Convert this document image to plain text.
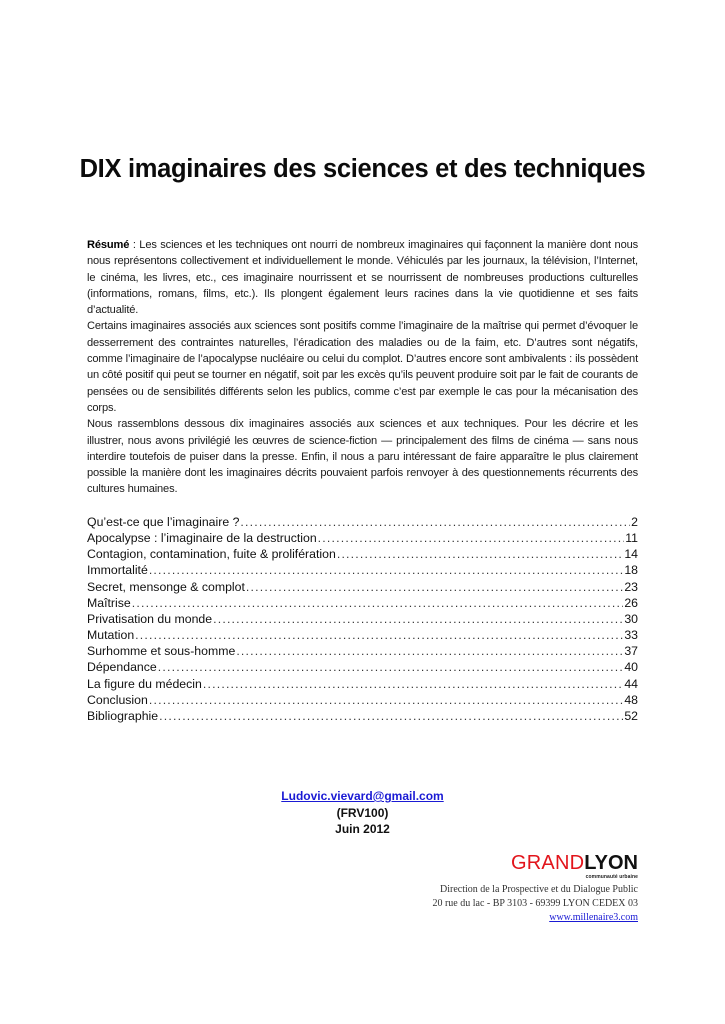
DIX imaginaires des sciences et des techniques

Résumé : Les sciences et les techniques ont nourri de nombreux imaginaires qui façonnent la manière dont nous nous représentons collectivement et individuellement le monde. Véhiculés par les journaux, la télévision, l’Internet, le cinéma, les livres, etc., ces imaginaire nourrissent et se nourrissent de nombreuses productions culturelles (informations, romans, films, etc.). Ils plongent également leurs racines dans la vie quotidienne et ses faits d’actualité.

Certains imaginaires associés aux sciences sont positifs comme l’imaginaire de la maîtrise qui permet d’évoquer le desserrement des contraintes naturelles, l’éradication des maladies ou de la faim, etc. D’autres sont négatifs, comme l’imaginaire de l’apocalypse nucléaire ou celui du complot. D’autres encore sont ambivalents : ils possèdent un côté positif qui peut se tourner en négatif, soit par les excès qu’ils peuvent produire soit par le fait de courants de pensées ou de sensibilités différents selon les publics, comme c’est par exemple le cas pour la mécanisation des corps.

Nous rassemblons dessous dix imaginaires associés aux sciences et aux techniques. Pour les décrire et les illustrer, nous avons privilégié les œuvres de science-fiction — principalement des films de cinéma — sans nous interdire toutefois de puiser dans la presse. Enfin, il nous a paru intéressant de faire apparaître le plus clairement possible la manière dont les imaginaires décrits pouvaient parfois renvoyer à des questionnements récurrents des cultures humaines.

Qu’est-ce que l’imaginaire ? .....	2
Apocalypse : l’imaginaire de la destruction .....	11
Contagion, contamination, fuite & prolifération .....	14
Immortalité .....	18
Secret, mensonge & complot .....	23
Maîtrise .....	26
Privatisation du monde .....	30
Mutation .....	33
Surhomme et sous-homme .....	37
Dépendance .....	40
La figure du médecin .....	44
Conclusion .....	48
Bibliographie .....	52
Ludovic.vievard@gmail.com
(FRV100)
Juin 2012
GRANDLYON
communauté urbaine
Direction de la Prospective et du Dialogue Public
20 rue du lac - BP 3103 - 69399 LYON CEDEX 03
www.millenaire3.com
